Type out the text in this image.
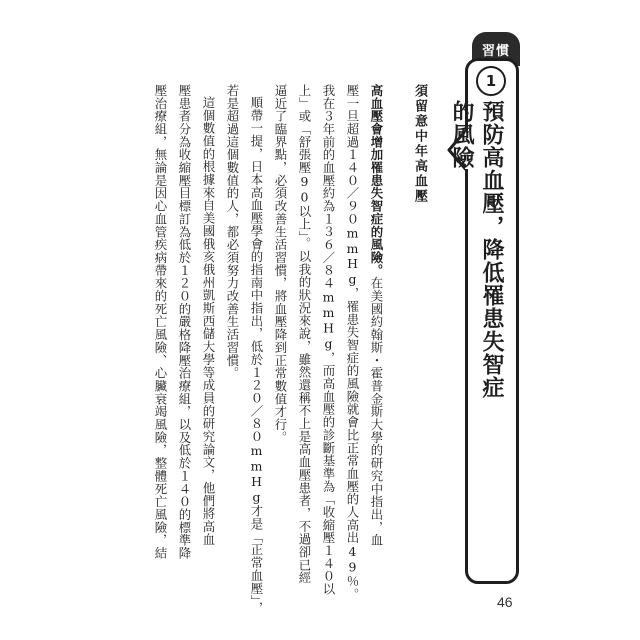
習慣
1
預防高血壓，降低罹患失智症的風險
須留意中年高血壓
高血壓會增加罹患失智症的風險。在美國約翰斯・霍普金斯大學的研究中指出，血
壓一旦超過１４０／９０mmHg，罹患失智症的風險就會比正常血壓的人高出49％。
我在３年前的血壓約為１３６／８４mmHg，而高血壓的診斷基準為「收縮壓１４０以
上」或「舒張壓90以上」。以我的狀況來說，雖然還稱不上是高血壓患者，不過卻已經
逼近了臨界點，必須改善生活習慣，將血壓降到正常數值才行。
順帶一提，日本高血壓學會的指南中指出，低於１２０／８０mmHg才是「正常血壓」，
若是超過這個數值的人，都必須努力改善生活習慣。
這個數值的根據來自美國俄亥俄州凱斯西儲大學等成員的研究論文，他們將高血
壓患者分為收縮壓目標訂為低於１２０的嚴格降壓治療組，以及低於１４０的標準降
壓治療組，無論是因心血管疾病帶來的死亡風險、心臟衰竭風險，整體死亡風險，結
46
